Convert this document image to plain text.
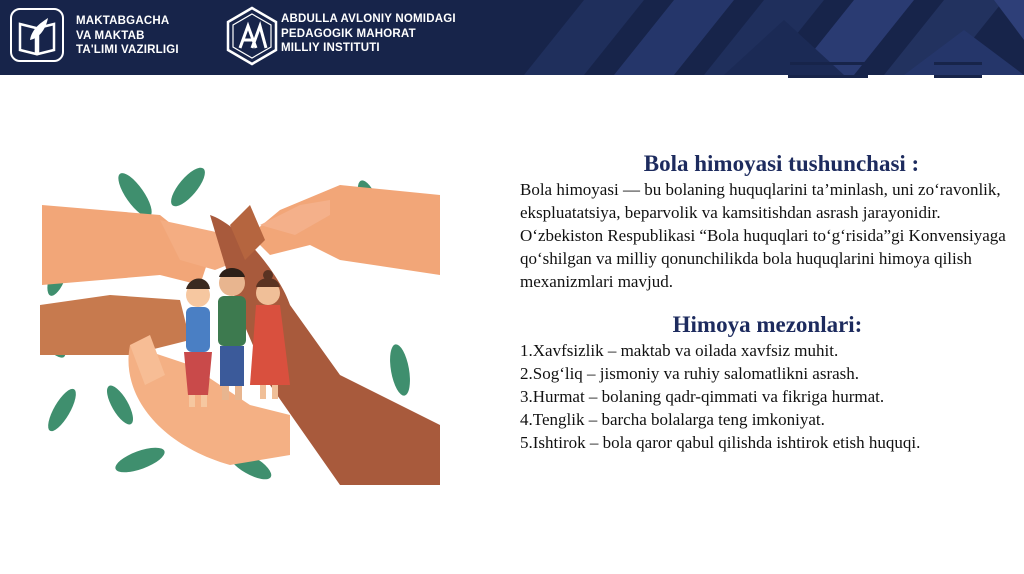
MAKTABGACHA
VA MAKTAB
TA'LIMI VAZIRLIGI
ABDULLA AVLONIY NOMIDAGI
PEDAGOGIK MAHORAT
MILLIY INSTITUTI
Bola himoyasi tushunchasi :
Bola himoyasi — bu bolaning huquqlarini ta’minlash, uni zo‘ravonlik, ekspluatatsiya, beparvolik va kamsitishdan asrash jarayonidir.
O‘zbekiston Respublikasi “Bola huquqlari to‘g‘risida”gi Konvensiyaga qo‘shilgan va milliy qonunchilikda bola huquqlarini himoya qilish mexanizmlari mavjud.
Himoya mezonlari:
1.Xavfsizlik – maktab va oilada xavfsiz muhit.
2.Sog‘liq – jismoniy va ruhiy salomatlikni asrash.
3.Hurmat – bolaning qadr-qimmati va fikriga hurmat.
4.Tenglik – barcha bolalarga teng imkoniyat.
5.Ishtirok – bola qaror qabul qilishda ishtirok etish huquqi.
